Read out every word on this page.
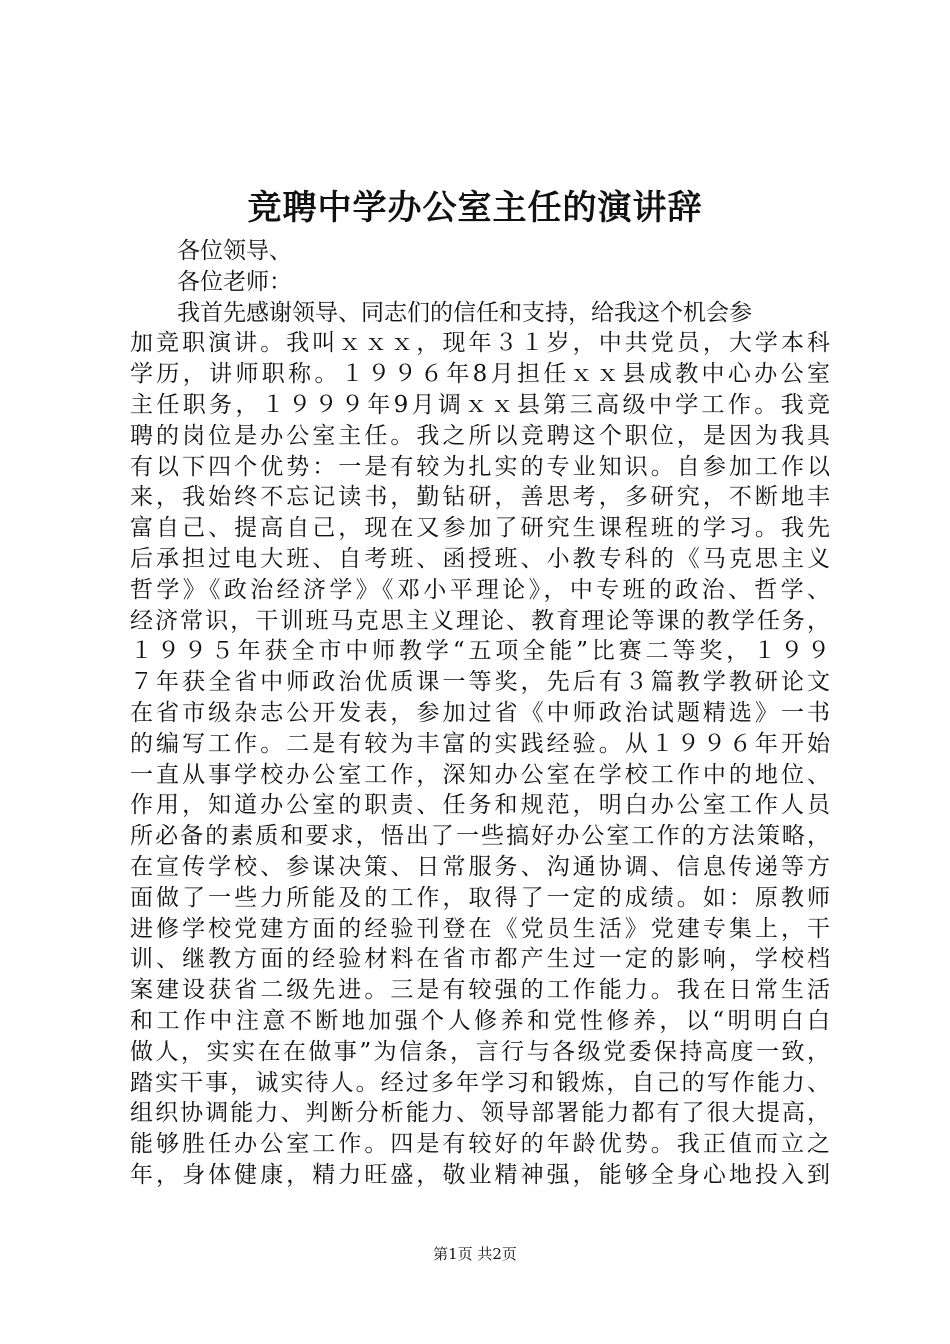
竞聘中学办公室主任的演讲辞
各位领导、
各位老师：
我首先感谢领导、同志们的信任和支持，给我这个机会参
加竞职演讲。我叫ｘｘｘ，现年３１岁，中共党员，大学本科
学历，讲师职称。１９９６年8月担任ｘｘ县成教中心办公室
主任职务，１９９９年9月调ｘｘ县第三高级中学工作。我竞
聘的岗位是办公室主任。我之所以竞聘这个职位，是因为我具
有以下四个优势：一是有较为扎实的专业知识。自参加工作以
来，我始终不忘记读书，勤钻研，善思考，多研究，不断地丰
富自己、提高自己，现在又参加了研究生课程班的学习。我先
后承担过电大班、自考班、函授班、小教专科的《马克思主义
哲学》《政治经济学》《邓小平理论》，中专班的政治、哲学、
经济常识，干训班马克思主义理论、教育理论等课的教学任务，
１９９５年获全市中师教学“五项全能”比赛二等奖，１９９
７年获全省中师政治优质课一等奖，先后有３篇教学教研论文
在省市级杂志公开发表，参加过省《中师政治试题精选》一书
的编写工作。二是有较为丰富的实践经验。从１９９６年开始
一直从事学校办公室工作，深知办公室在学校工作中的地位、
作用，知道办公室的职责、任务和规范，明白办公室工作人员
所必备的素质和要求，悟出了一些搞好办公室工作的方法策略，
在宣传学校、参谋决策、日常服务、沟通协调、信息传递等方
面做了一些力所能及的工作，取得了一定的成绩。如：原教师
进修学校党建方面的经验刊登在《党员生活》党建专集上，干
训、继教方面的经验材料在省市都产生过一定的影响，学校档
案建设获省二级先进。三是有较强的工作能力。我在日常生活
和工作中注意不断地加强个人修养和党性修养，以“明明白白
做人，实实在在做事”为信条，言行与各级党委保持高度一致，
踏实干事，诚实待人。经过多年学习和锻炼，自己的写作能力、
组织协调能力、判断分析能力、领导部署能力都有了很大提高，
能够胜任办公室工作。四是有较好的年龄优势。我正值而立之
年，身体健康，精力旺盛，敬业精神强，能够全身心地投入到
第1页 共2页
